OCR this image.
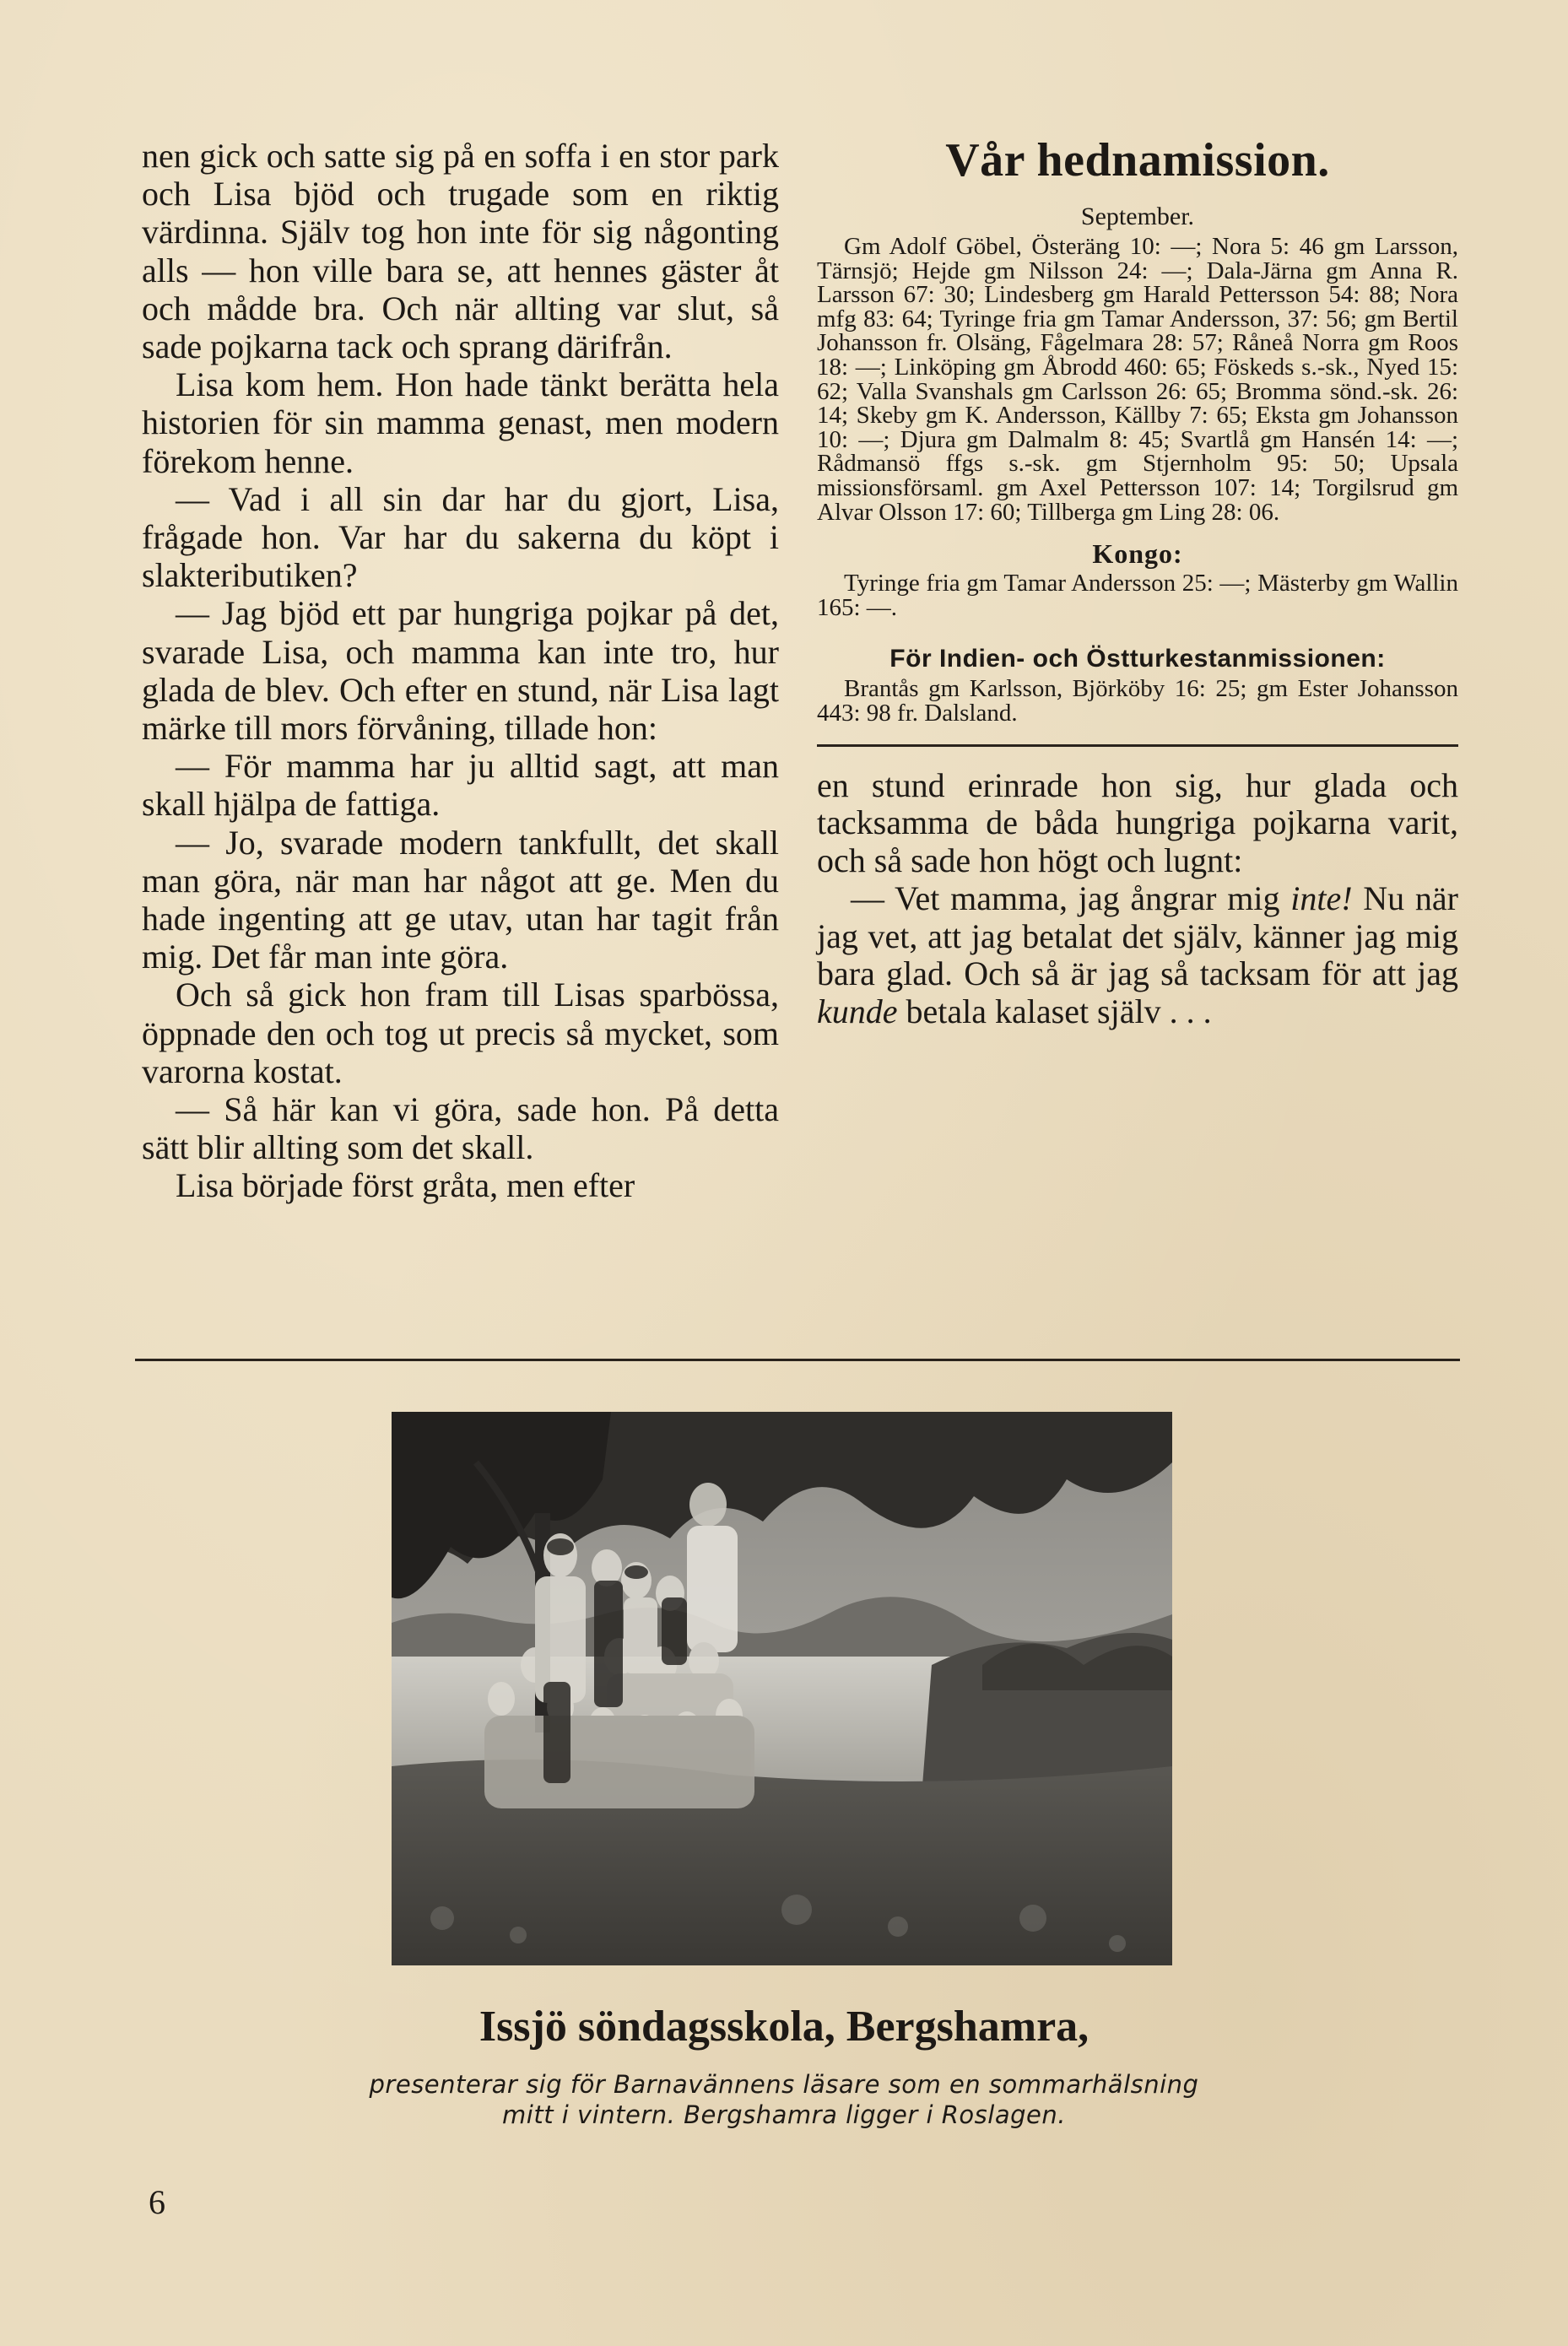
nen gick och satte sig på en soffa i en stor park och Lisa bjöd och trugade som en riktig värdinna. Själv tog hon inte för sig någonting alls — hon ville bara se, att hennes gäster åt och mådde bra. Och när allting var slut, så sade pojkarna tack och sprang därifrån.

Lisa kom hem. Hon hade tänkt berätta hela historien för sin mamma genast, men modern förekom henne.

— Vad i all sin dar har du gjort, Lisa, frågade hon. Var har du sakerna du köpt i slakteributiken?

— Jag bjöd ett par hungriga pojkar på det, svarade Lisa, och mamma kan inte tro, hur glada de blev. Och efter en stund, när Lisa lagt märke till mors förvåning, tillade hon:

— För mamma har ju alltid sagt, att man skall hjälpa de fattiga.

— Jo, svarade modern tankfullt, det skall man göra, när man har något att ge. Men du hade ingenting att ge utav, utan har tagit från mig. Det får man inte göra.

Och så gick hon fram till Lisas sparbössa, öppnade den och tog ut precis så mycket, som varorna kostat.

— Så här kan vi göra, sade hon. På detta sätt blir allting som det skall.

Lisa började först gråta, men efter

Vår hednamission.
September.

Gm Adolf Göbel, Österäng 10: —; Nora 5: 46 gm Larsson, Tärnsjö; Hejde gm Nilsson 24: —; Dala-Järna gm Anna R. Larsson 67: 30; Lindesberg gm Harald Pettersson 54: 88; Nora mfg 83: 64; Tyringe fria gm Tamar Andersson, 37: 56; gm Bertil Johansson fr. Olsäng, Fågelmara 28: 57; Råneå Norra gm Roos 18: —; Linköping gm Åbrodd 460: 65; Föskeds s.-sk., Nyed 15: 62; Valla Svanshals gm Carlsson 26: 65; Bromma sönd.-sk. 26: 14; Skeby gm K. Andersson, Källby 7: 65; Eksta gm Johansson 10: —; Djura gm Dalmalm 8: 45; Svartlå gm Hansén 14: —; Rådmansö ffgs s.-sk. gm Stjernholm 95: 50; Upsala missionsförsaml. gm Axel Pettersson 107: 14; Torgilsrud gm Alvar Olsson 17: 60; Tillberga gm Ling 28: 06.

Kongo:

Tyringe fria gm Tamar Andersson 25: —; Mästerby gm Wallin 165: —.

För Indien- och Östturkestanmissionen:

Brantås gm Karlsson, Björköby 16: 25; gm Ester Johansson 443: 98 fr. Dalsland.

en stund erinrade hon sig, hur glada och tacksamma de båda hungriga pojkarna varit, och så sade hon högt och lugnt:

— Vet mamma, jag ångrar mig inte! Nu när jag vet, att jag betalat det själv, känner jag mig bara glad. Och så är jag så tacksam för att jag kunde betala kalaset själv . . .

Issjö söndagsskola, Bergshamra,

presenterar sig för Barnavännens läsare som en sommarhälsning mitt i vintern. Bergshamra ligger i Roslagen.

6
